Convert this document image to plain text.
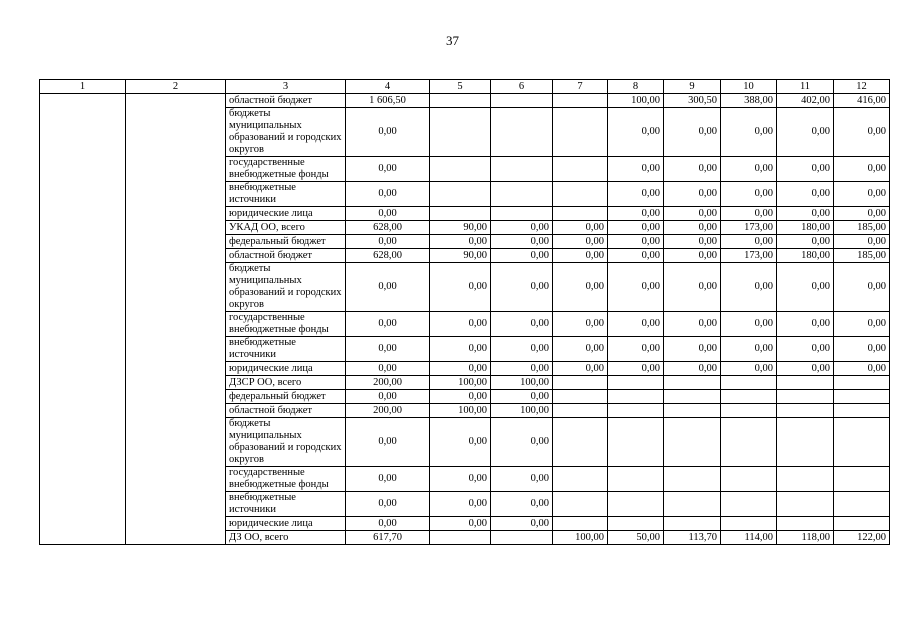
37
1	2	3	4	5	6	7	8	9	10	11	12
		областной бюджет	1 606,50				100,00	300,50	388,00	402,00	416,00
		бюджеты муниципальных образований и городских округов	0,00				0,00	0,00	0,00	0,00	0,00
		государственные внебюджетные фонды	0,00				0,00	0,00	0,00	0,00	0,00
		внебюджетные источники	0,00				0,00	0,00	0,00	0,00	0,00
		юридические лица	0,00				0,00	0,00	0,00	0,00	0,00
		УКАД ОО, всего	628,00	90,00	0,00	0,00	0,00	0,00	173,00	180,00	185,00
		федеральный бюджет	0,00	0,00	0,00	0,00	0,00	0,00	0,00	0,00	0,00
		областной бюджет	628,00	90,00	0,00	0,00	0,00	0,00	173,00	180,00	185,00
		бюджеты муниципальных образований и городских округов	0,00	0,00	0,00	0,00	0,00	0,00	0,00	0,00	0,00
		государственные внебюджетные фонды	0,00	0,00	0,00	0,00	0,00	0,00	0,00	0,00	0,00
		внебюджетные источники	0,00	0,00	0,00	0,00	0,00	0,00	0,00	0,00	0,00
		юридические лица	0,00	0,00	0,00	0,00	0,00	0,00	0,00	0,00	0,00
		ДЗСР ОО, всего	200,00	100,00	100,00						
		федеральный бюджет	0,00	0,00	0,00						
		областной бюджет	200,00	100,00	100,00						
		бюджеты муниципальных образований и городских округов	0,00	0,00	0,00						
		государственные внебюджетные фонды	0,00	0,00	0,00						
		внебюджетные источники	0,00	0,00	0,00						
		юридические лица	0,00	0,00	0,00						
		ДЗ ОО, всего	617,70			100,00	50,00	113,70	114,00	118,00	122,00
